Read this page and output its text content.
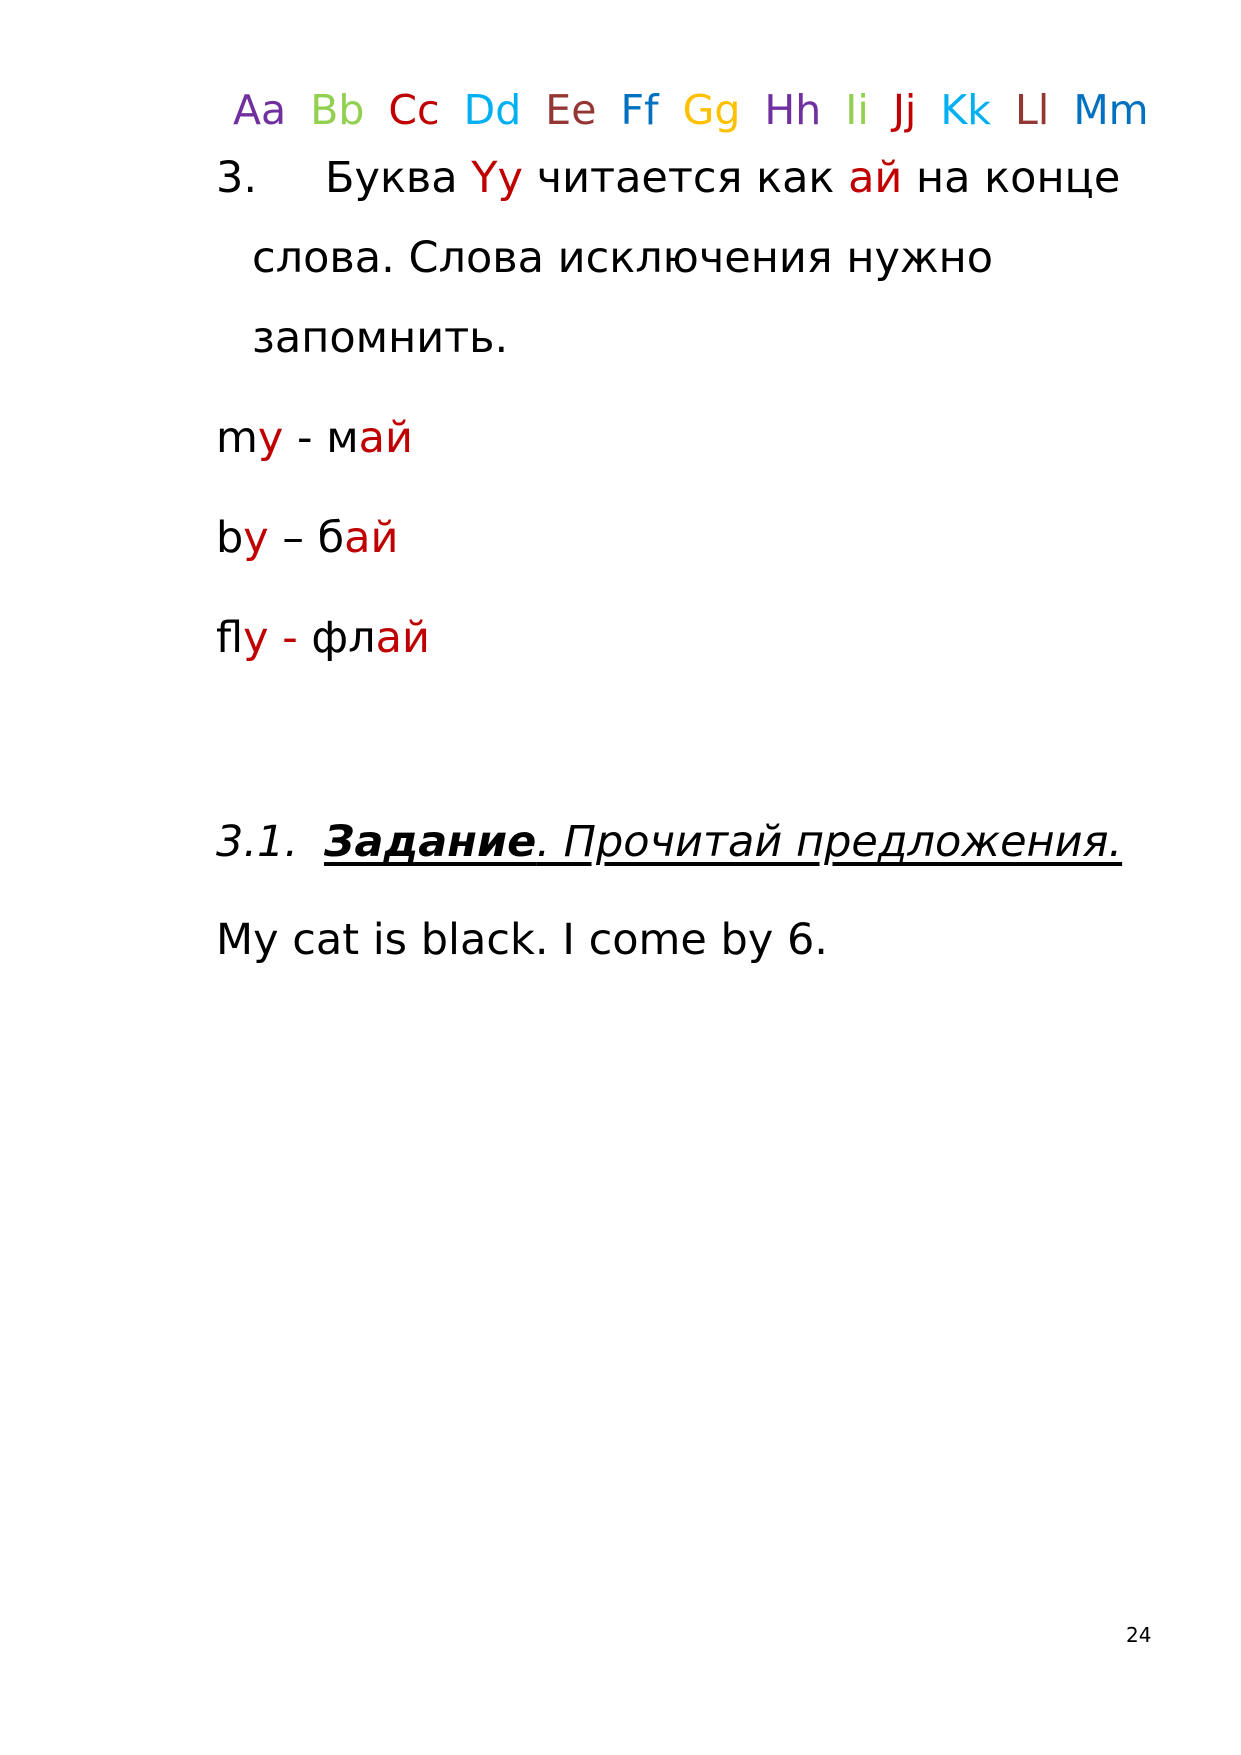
Aa Bb Cc Dd Ee Ff Gg Hh Ii Jj Kk Ll Mm
3. Буква Yy читается как ай на конце
слова. Слова исключения нужно
запомнить.
my - май
by – бай
fly - флай
3.1. Задание. Прочитай предложения.
My cat is black. I come by 6.
24
